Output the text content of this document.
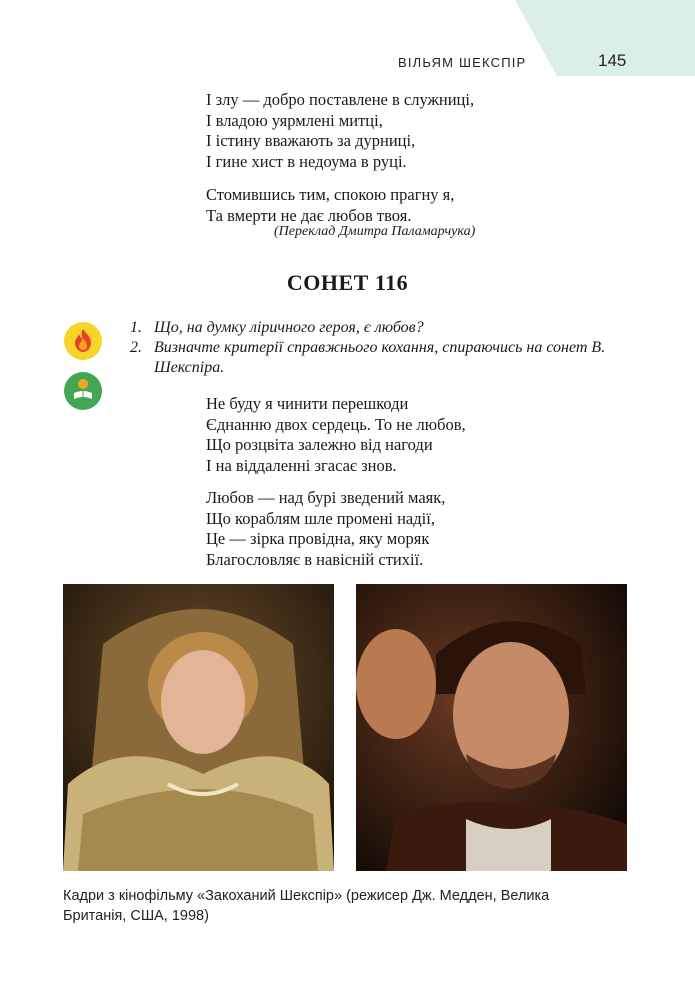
ВІЛЬЯМ ШЕКСПІР	145
І злу — добро поставлене в служниці,
І владою уярмлені митці,
І істину вважають за дурниці,
І гине хист в недоума в руці.
Стомившись тим, спокою прагну я,
Та вмерти не дає любов твоя.
(Переклад Дмитра Паламарчука)
СОНЕТ 116
1. Що, на думку ліричного героя, є любов?
2. Визначте критерії справжнього кохання, спираючись на сонет В. Шекспіра.
Не буду я чинити перешкоди
Єднанню двох сердець. То не любов,
Що розцвіта залежно від нагоди
І на віддаленні згасає знов.
Любов — над бурі зведений маяк,
Що кораблям шле промені надії,
Це — зірка провідна, яку моряк
Благословляє в навісній стихії.
Кадри з кінофільму «Закоханий Шекспір» (режисер Дж. Медден, Велика Британія, США, 1998)
